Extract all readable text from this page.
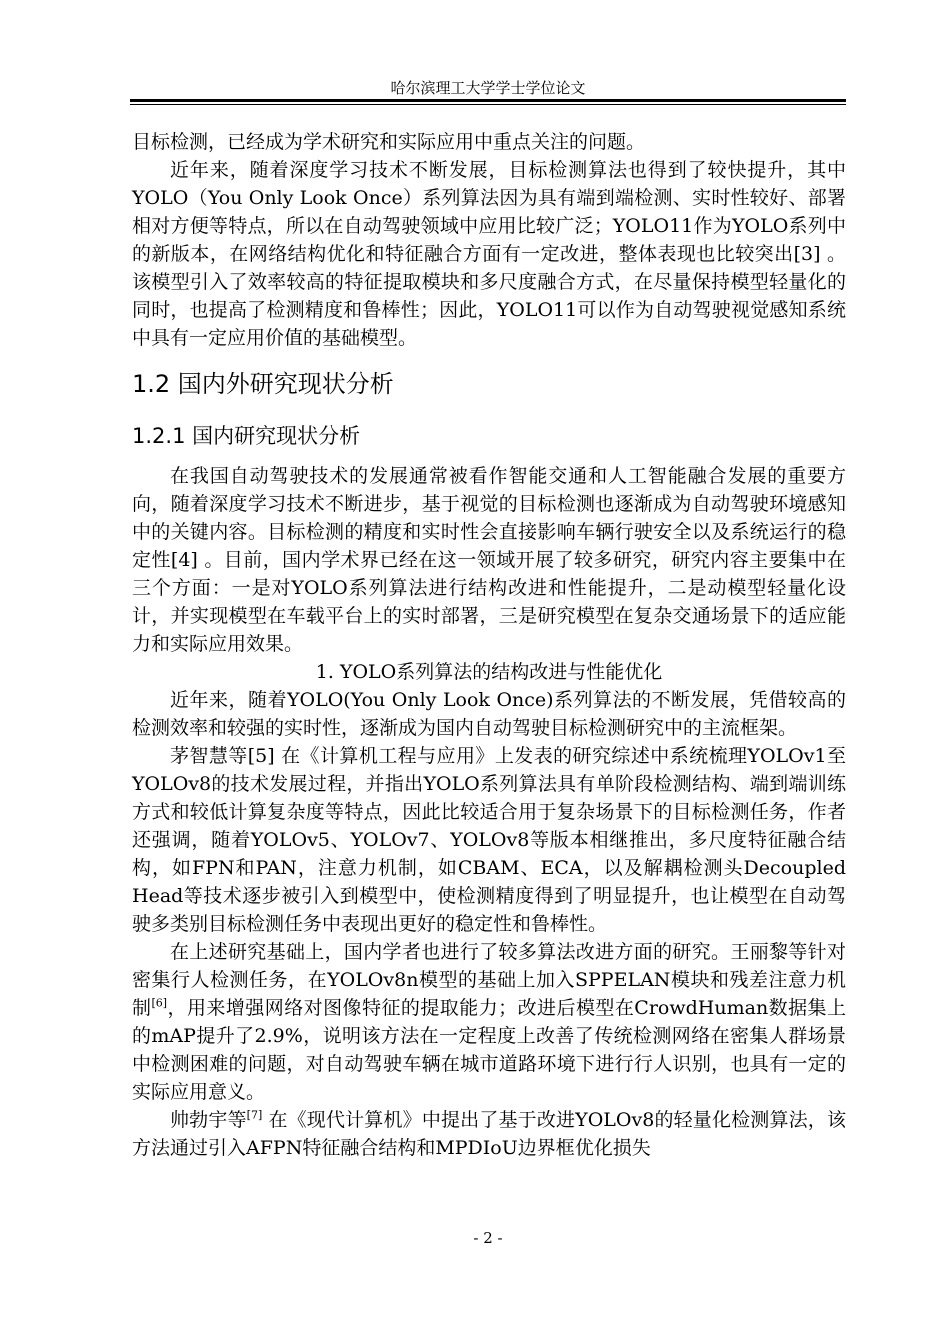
哈尔滨理工大学学士学位论文

目标检测，已经成为学术研究和实际应用中重点关注的问题。

近年来，随着深度学习技术不断发展，目标检测算法也得到了较快提升，其中YOLO（You Only Look Once）系列算法因为具有端到端检测、实时性较好、部署相对方便等特点，所以在自动驾驶领域中应用比较广泛；YOLO11作为YOLO系列中的新版本，在网络结构优化和特征融合方面有一定改进，整体表现也比较突出[3] 。该模型引入了效率较高的特征提取模块和多尺度融合方式，在尽量保持模型轻量化的同时，也提高了检测精度和鲁棒性；因此，YOLO11可以作为自动驾驶视觉感知系统中具有一定应用价值的基础模型。

1.2 国内外研究现状分析
1.2.1 国内研究现状分析

在我国自动驾驶技术的发展通常被看作智能交通和人工智能融合发展的重要方向，随着深度学习技术不断进步，基于视觉的目标检测也逐渐成为自动驾驶环境感知中的关键内容。目标检测的精度和实时性会直接影响车辆行驶安全以及系统运行的稳定性[4] 。目前，国内学术界已经在这一领域开展了较多研究，研究内容主要集中在三个方面：一是对YOLO系列算法进行结构改进和性能提升，二是动模型轻量化设计，并实现模型在车载平台上的实时部署，三是研究模型在复杂交通场景下的适应能力和实际应用效果。

1. YOLO系列算法的结构改进与性能优化

近年来，随着YOLO(You Only Look Once)系列算法的不断发展，凭借较高的检测效率和较强的实时性，逐渐成为国内自动驾驶目标检测研究中的主流框架。

茅智慧等[5] 在《计算机工程与应用》上发表的研究综述中系统梳理YOLOv1至YOLOv8的技术发展过程，并指出YOLO系列算法具有单阶段检测结构、端到端训练方式和较低计算复杂度等特点，因此比较适合用于复杂场景下的目标检测任务，作者还强调，随着YOLOv5、YOLOv7、YOLOv8等版本相继推出，多尺度特征融合结构，如FPN和PAN，注意力机制，如CBAM、ECA，以及解耦检测头Decoupled Head等技术逐步被引入到模型中，使检测精度得到了明显提升，也让模型在自动驾驶多类别目标检测任务中表现出更好的稳定性和鲁棒性。

在上述研究基础上，国内学者也进行了较多算法改进方面的研究。王丽黎等针对密集行人检测任务，在YOLOv8n模型的基础上加入SPPELAN模块和残差注意力机制[6]，用来增强网络对图像特征的提取能力；改进后模型在CrowdHuman数据集上的mAP提升了2.9%，说明该方法在一定程度上改善了传统检测网络在密集人群场景中检测困难的问题，对自动驾驶车辆在城市道路环境下进行行人识别，也具有一定的实际应用意义。

帅勃宇等[7] 在《现代计算机》中提出了基于改进YOLOv8的轻量化检测算法，该方法通过引入AFPN特征融合结构和MPDIoU边界框优化损失

- 2 -
